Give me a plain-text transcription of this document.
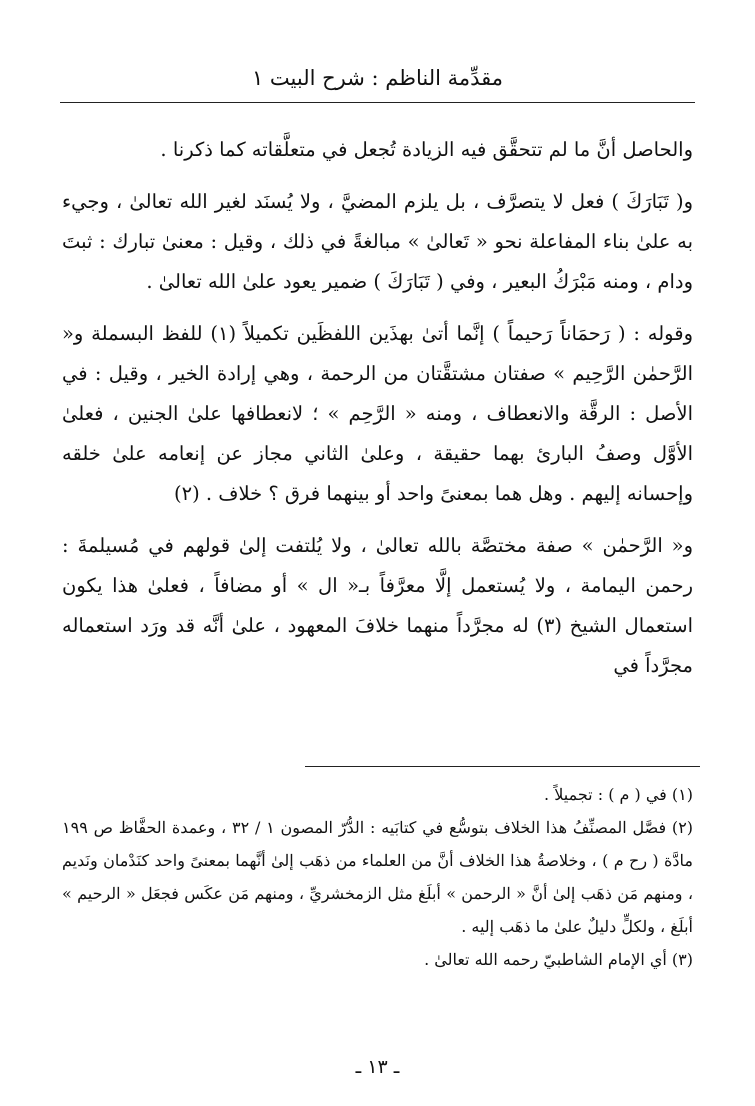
مقدِّمة الناظم : شرح البيت ١

والحاصل أنَّ ما لم تتحقَّق فيه الزيادة تُجعل في متعلَّقاته كما ذكرنا .

و( تَبَارَكَ ) فعل لا يتصرَّف ، بل يلزم المضيَّ ، ولا يُسنَد لغير الله تعالىٰ ، وجيء به علىٰ بناء المفاعلة نحو « تَعالىٰ » مبالغةً في ذلك ، وقيل : معنىٰ تبارك : ثبتَ ودام ، ومنه مَبْرَكُ البعير ، وفي ( تَبَارَكَ ) ضمير يعود علىٰ الله تعالىٰ .

وقوله : ( رَحمَاناً رَحيماً ) إنَّما أتىٰ بهذَين اللفظَين تكميلاً (١) للفظ البسملة و« الرَّحمٰن الرَّحِيم » صفتان مشتقَّتان من الرحمة ، وهي إرادة الخير ، وقيل : في الأصل : الرقَّة والانعطاف ، ومنه « الرَّحِم » ؛ لانعطافها علىٰ الجنين ، فعلىٰ الأوَّل وصفُ البارئ بهما حقيقة ، وعلىٰ الثاني مجاز عن إنعامه علىٰ خلقه وإحسانه إليهم . وهل هما بمعنىً واحد أو بينهما فرق ؟ خلاف . (٢)

و« الرَّحمٰن » صفة مختصَّة بالله تعالىٰ ، ولا يُلتفت إلىٰ قولهم في مُسيلمةَ : رحمن اليمامة ، ولا يُستعمل إلَّا معرَّفاً بـ« ال » أو مضافاً ، فعلىٰ هذا يكون استعمال الشيخ (٣) له مجرَّداً منهما خلافَ المعهود ، علىٰ أنَّه قد ورَد استعماله مجرَّداً في

(١) في ( م ) : تجميلاً .

(٢) فصَّل المصنِّفُ هذا الخلاف بتوسُّع في كتابَيه : الدُّرّ المصون ١ / ٣٢ ، وعمدة الحفَّاظ ص ١٩٩ مادَّة ( رح م ) ، وخلاصةُ هذا الخلاف أنَّ من العلماء من ذهَب إلىٰ أنَّهما بمعنىً واحد كنَدْمان ونَديم ، ومنهم مَن ذهَب إلىٰ أنَّ « الرحمن » أبلَغ مثل الزمخشريِّ ، ومنهم مَن عكَس فجعَل « الرحيم » أبلَغ ، ولكلٍّ دليلٌ علىٰ ما ذهَب إليه .

(٣) أي الإمام الشاطبيّ رحمه الله تعالىٰ .

ـ ١٣ ـ
